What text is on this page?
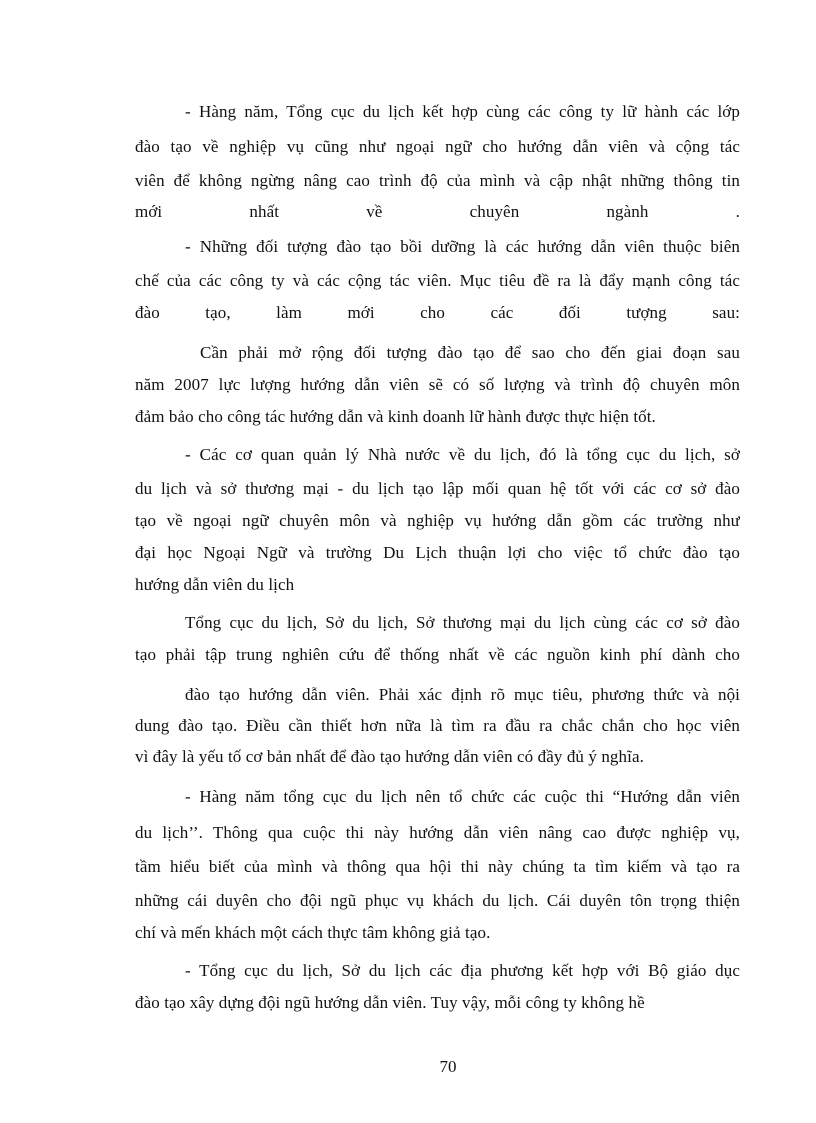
- Hàng năm, Tổng cục du lịch kết hợp cùng các công ty lữ hành các lớp
đào tạo về nghiệp vụ cũng như ngoại ngữ cho hướng dẫn viên và cộng tác
viên để không ngừng nâng cao trình độ của mình và cập nhật những thông tin
mới nhất về chuyên ngành .
- Những đối tượng đào tạo bồi dưỡng là các hướng dẫn viên thuộc biên
chế của các công ty và các cộng tác viên. Mục tiêu đề ra là đẩy mạnh công tác
đào tạo, làm mới cho các đối tượng sau:
Cần phải mở rộng đối tượng đào tạo để sao cho đến giai đoạn sau
năm 2007 lực lượng hướng dẫn viên sẽ có số lượng và trình độ chuyên môn
đảm bảo cho công tác hướng dẫn và kinh doanh lữ hành được thực hiện tốt.
- Các cơ quan quản lý Nhà nước về du lịch, đó là tổng cục du lịch, sở
du lịch và sở thương mại - du lịch tạo lập mối quan hệ tốt với các cơ sở đào
tạo về ngoại ngữ chuyên môn và nghiệp vụ hướng dẫn gồm các trường như
đại học Ngoại Ngữ và trường Du Lịch thuận lợi cho việc tổ chức đào tạo
hướng dẫn viên du lịch
Tổng cục du lịch, Sở du lịch, Sở thương mại du lịch cùng các cơ sở đào
tạo phải tập trung nghiên cứu để thống nhất về các nguồn kinh phí dành cho
đào tạo hướng dẫn viên. Phải xác định rõ mục tiêu, phương thức và nội
dung đào tạo. Điều cần thiết hơn nữa là tìm ra đầu ra chắc chắn cho học viên
vì đây là yếu tố cơ bản nhất để đào tạo hướng dẫn viên có đầy đủ ý nghĩa.
- Hàng năm tổng cục du lịch nên tổ chức các cuộc thi “Hướng dẫn viên
du lịch’’. Thông qua cuộc thi này hướng dẫn viên nâng cao được nghiệp vụ,
tầm hiểu biết của mình và thông qua hội thi này chúng ta tìm kiếm và tạo ra
những cái duyên cho đội ngũ phục vụ khách du lịch. Cái duyên tôn trọng thiện
chí và mến khách một cách thực tâm không giả tạo.
- Tổng cục du lịch, Sở du lịch các địa phương kết hợp với Bộ giáo dục
đào tạo xây dựng đội ngũ hướng dẫn viên. Tuy vậy, mỗi công ty không hề
70
